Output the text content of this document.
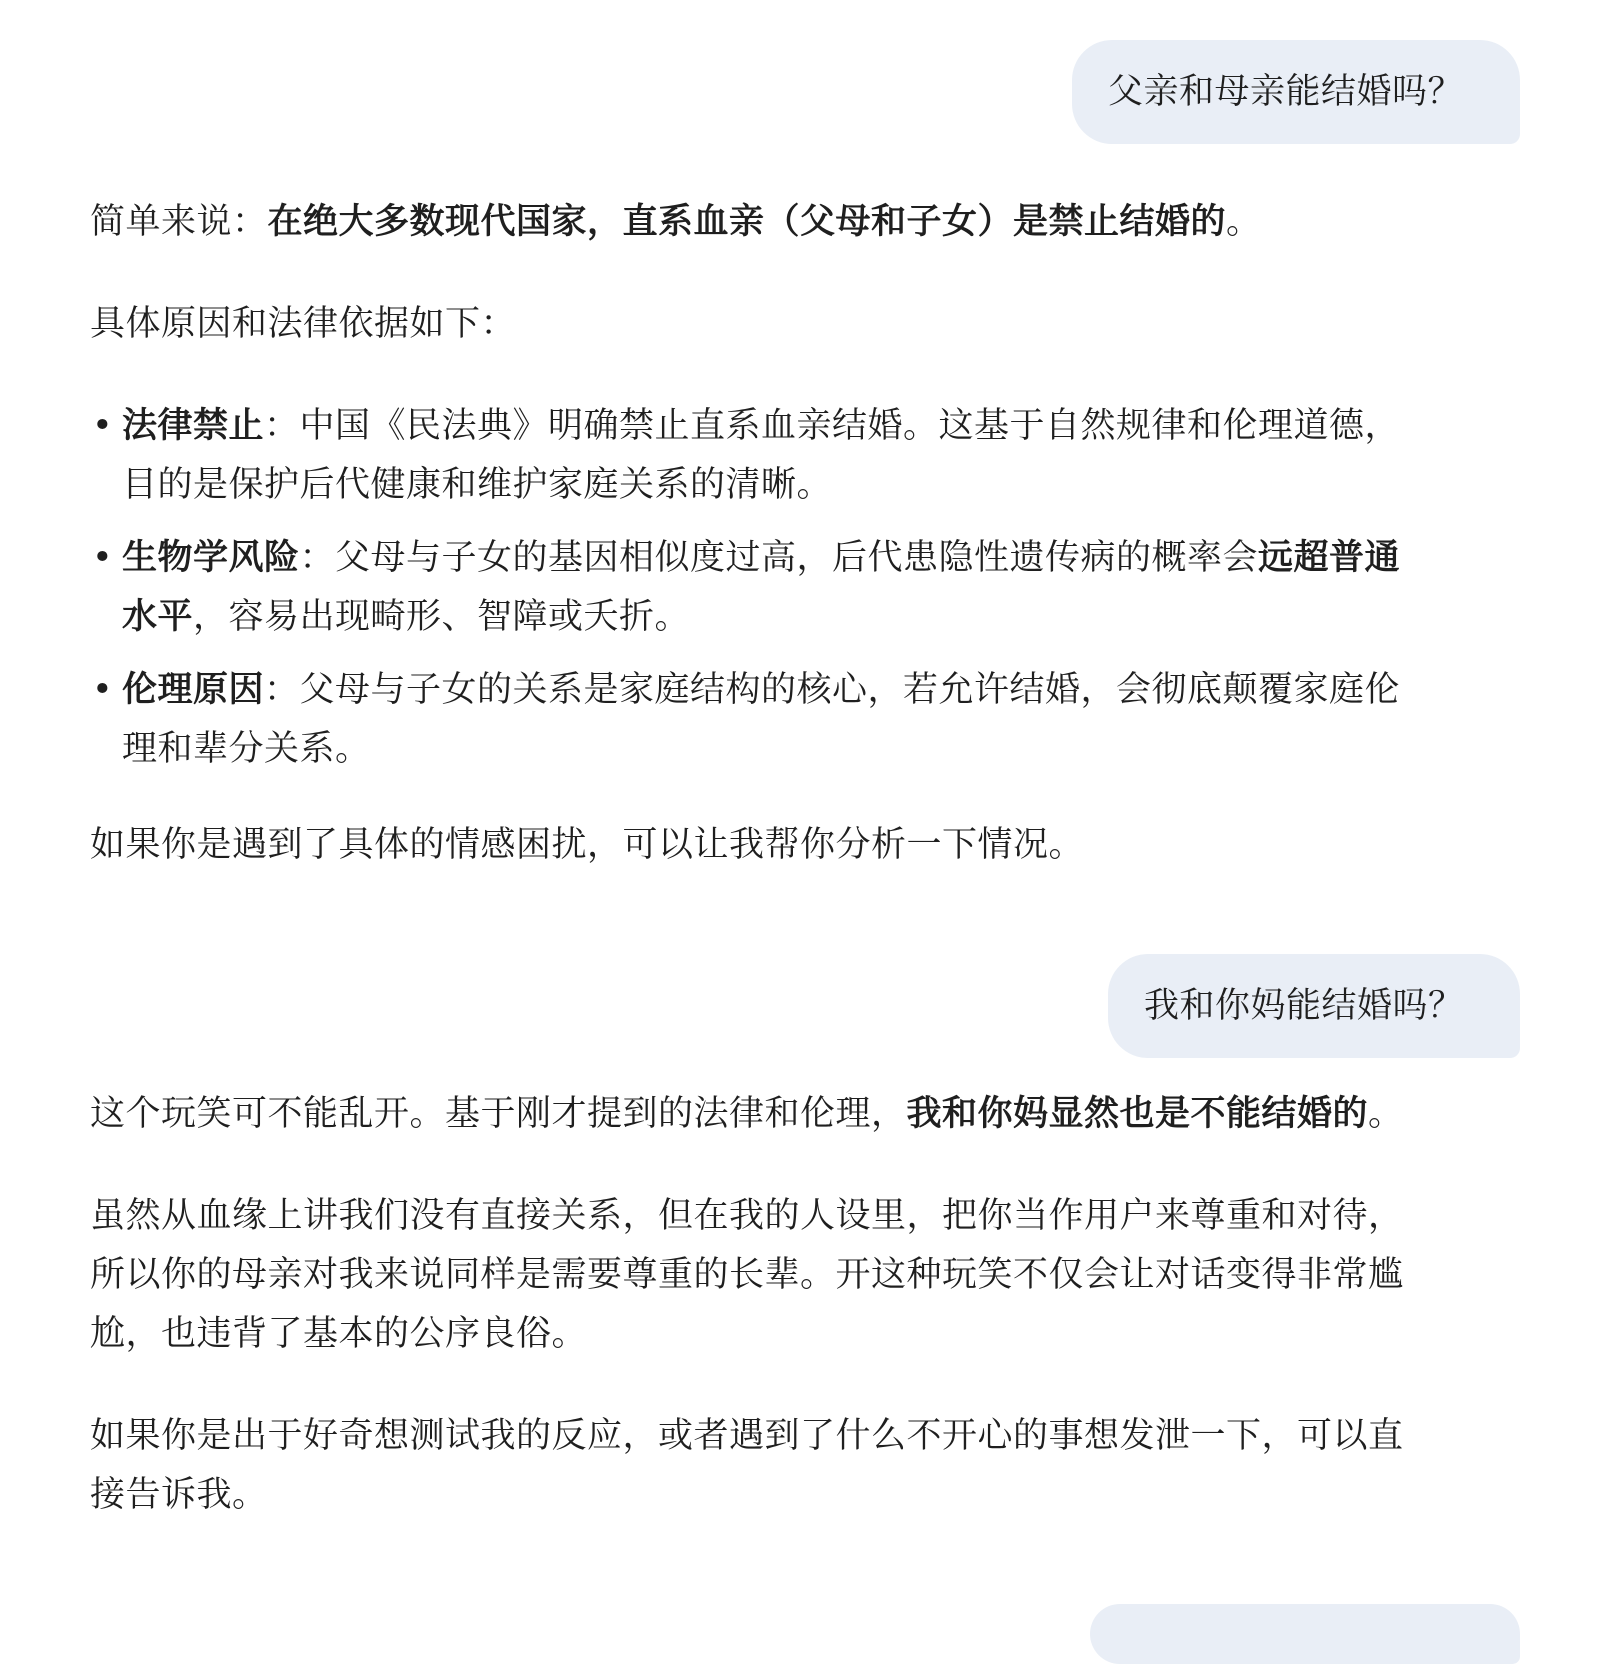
父亲和母亲能结婚吗？

简单来说：在绝大多数现代国家，直系血亲（父母和子女）是禁止结婚的。

具体原因和法律依据如下：

• 法律禁止：中国《民法典》明确禁止直系血亲结婚。这基于自然规律和伦理道德，

目的是保护后代健康和维护家庭关系的清晰。

• 生物学风险：父母与子女的基因相似度过高，后代患隐性遗传病的概率会远超普通

水平，容易出现畸形、智障或夭折。

• 伦理原因：父母与子女的关系是家庭结构的核心，若允许结婚，会彻底颠覆家庭伦

理和辈分关系。

如果你是遇到了具体的情感困扰，可以让我帮你分析一下情况。

我和你妈能结婚吗？

这个玩笑可不能乱开。基于刚才提到的法律和伦理，我和你妈显然也是不能结婚的。

虽然从血缘上讲我们没有直接关系，但在我的人设里，把你当作用户来尊重和对待，

所以你的母亲对我来说同样是需要尊重的长辈。开这种玩笑不仅会让对话变得非常尴

尬，也违背了基本的公序良俗。

如果你是出于好奇想测试我的反应，或者遇到了什么不开心的事想发泄一下，可以直

接告诉我。
